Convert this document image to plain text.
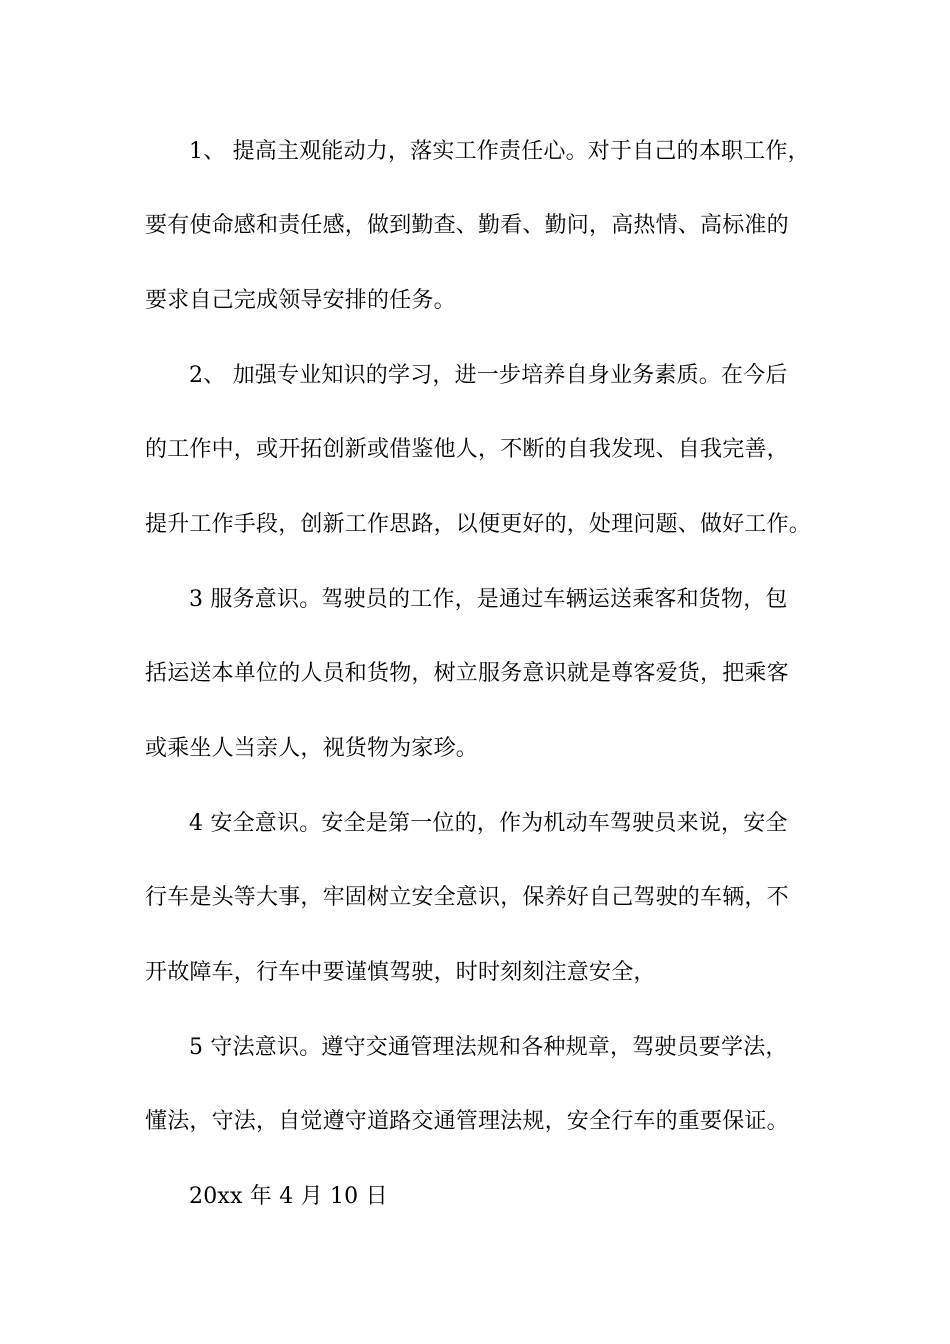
1、 提高主观能动力，落实工作责任心。对于自己的本职工作，
要有使命感和责任感，做到勤查、勤看、勤问，高热情、高标准的
要求自己完成领导安排的任务。
2、 加强专业知识的学习，进一步培养自身业务素质。在今后
的工作中，或开拓创新或借鉴他人，不断的自我发现、自我完善，
提升工作手段，创新工作思路，以便更好的，处理问题、做好工作。
3 服务意识。驾驶员的工作，是通过车辆运送乘客和货物，包
括运送本单位的人员和货物，树立服务意识就是尊客爱货，把乘客
或乘坐人当亲人，视货物为家珍。
4 安全意识。安全是第一位的，作为机动车驾驶员来说，安全
行车是头等大事，牢固树立安全意识，保养好自己驾驶的车辆，不
开故障车，行车中要谨慎驾驶，时时刻刻注意安全，
5 守法意识。遵守交通管理法规和各种规章，驾驶员要学法，
懂法，守法，自觉遵守道路交通管理法规，安全行车的重要保证。
20xx 年 4 月 10 日
